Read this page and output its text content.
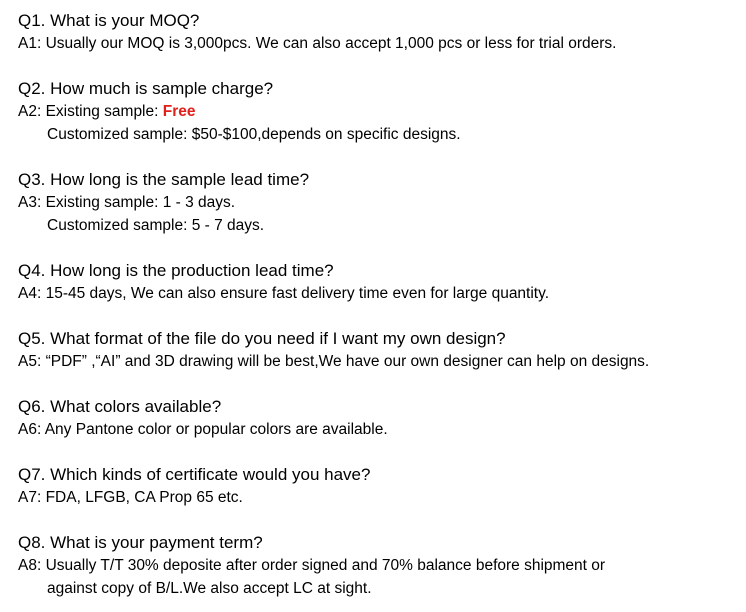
Q1. What is your MOQ?
A1: Usually our MOQ is 3,000pcs. We can also accept 1,000 pcs or less for trial orders.
Q2. How much is sample charge?
A2: Existing sample: Free
Customized sample: $50-$100,depends on specific designs.
Q3. How long is the sample lead time?
A3: Existing sample: 1 - 3 days.
Customized sample: 5 - 7 days.
Q4. How long is the production lead time?
A4: 15-45 days, We can also ensure fast delivery time even for large quantity.
Q5. What format of the file do you need if I want my own design?
A5: “PDF” ,“AI” and 3D drawing will be best,We have our own designer can help on designs.
Q6. What colors available?
A6: Any Pantone color or popular colors are available.
Q7. Which kinds of certificate would you have?
A7: FDA, LFGB, CA Prop 65 etc.
Q8. What is your payment term?
A8: Usually T/T 30% deposite after order signed and 70% balance before shipment or
against copy of B/L.We also accept LC at sight.
